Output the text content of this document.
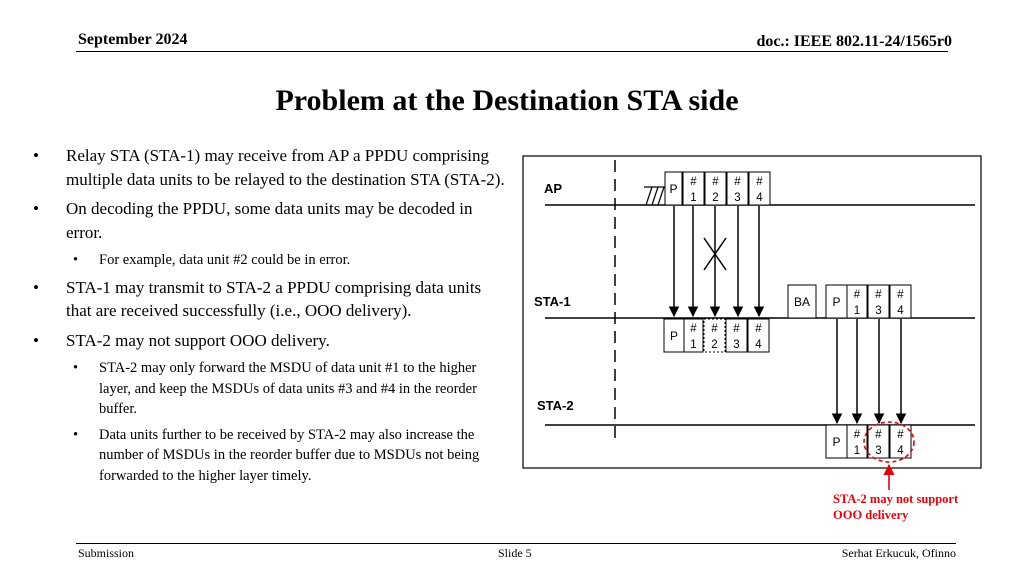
September 2024	doc.: IEEE 802.11-24/1565r0
Problem at the Destination STA side
• Relay STA (STA-1) may receive from AP a PPDU comprising multiple data units to be relayed to the destination STA (STA-2).
• On decoding the PPDU, some data units may be decoded in error.
• For example, data unit #2 could be in error.
• STA-1 may transmit to STA-2 a PPDU comprising data units that are received successfully (i.e., OOO delivery).
• STA-2 may not support OOO delivery.
• STA-2 may only forward the MSDU of data unit #1 to the higher layer, and keep the MSDUs of data units #3 and #4 in the reorder buffer.
• Data units further to be received by STA-2 may also increase the number of MSDUs in the reorder buffer due to MSDUs not being forwarded to the higher layer timely.
AP
STA-1
STA-2
P #
1
#
2
#
3
#
4
P #
1
#
2
#
3
#
4
BA P #
1
#
3
#
4
P #
1
#
3
#
4
STA-2 may not support OOO delivery
Submission	Slide 5	Serhat Erkucuk, Ofinno
